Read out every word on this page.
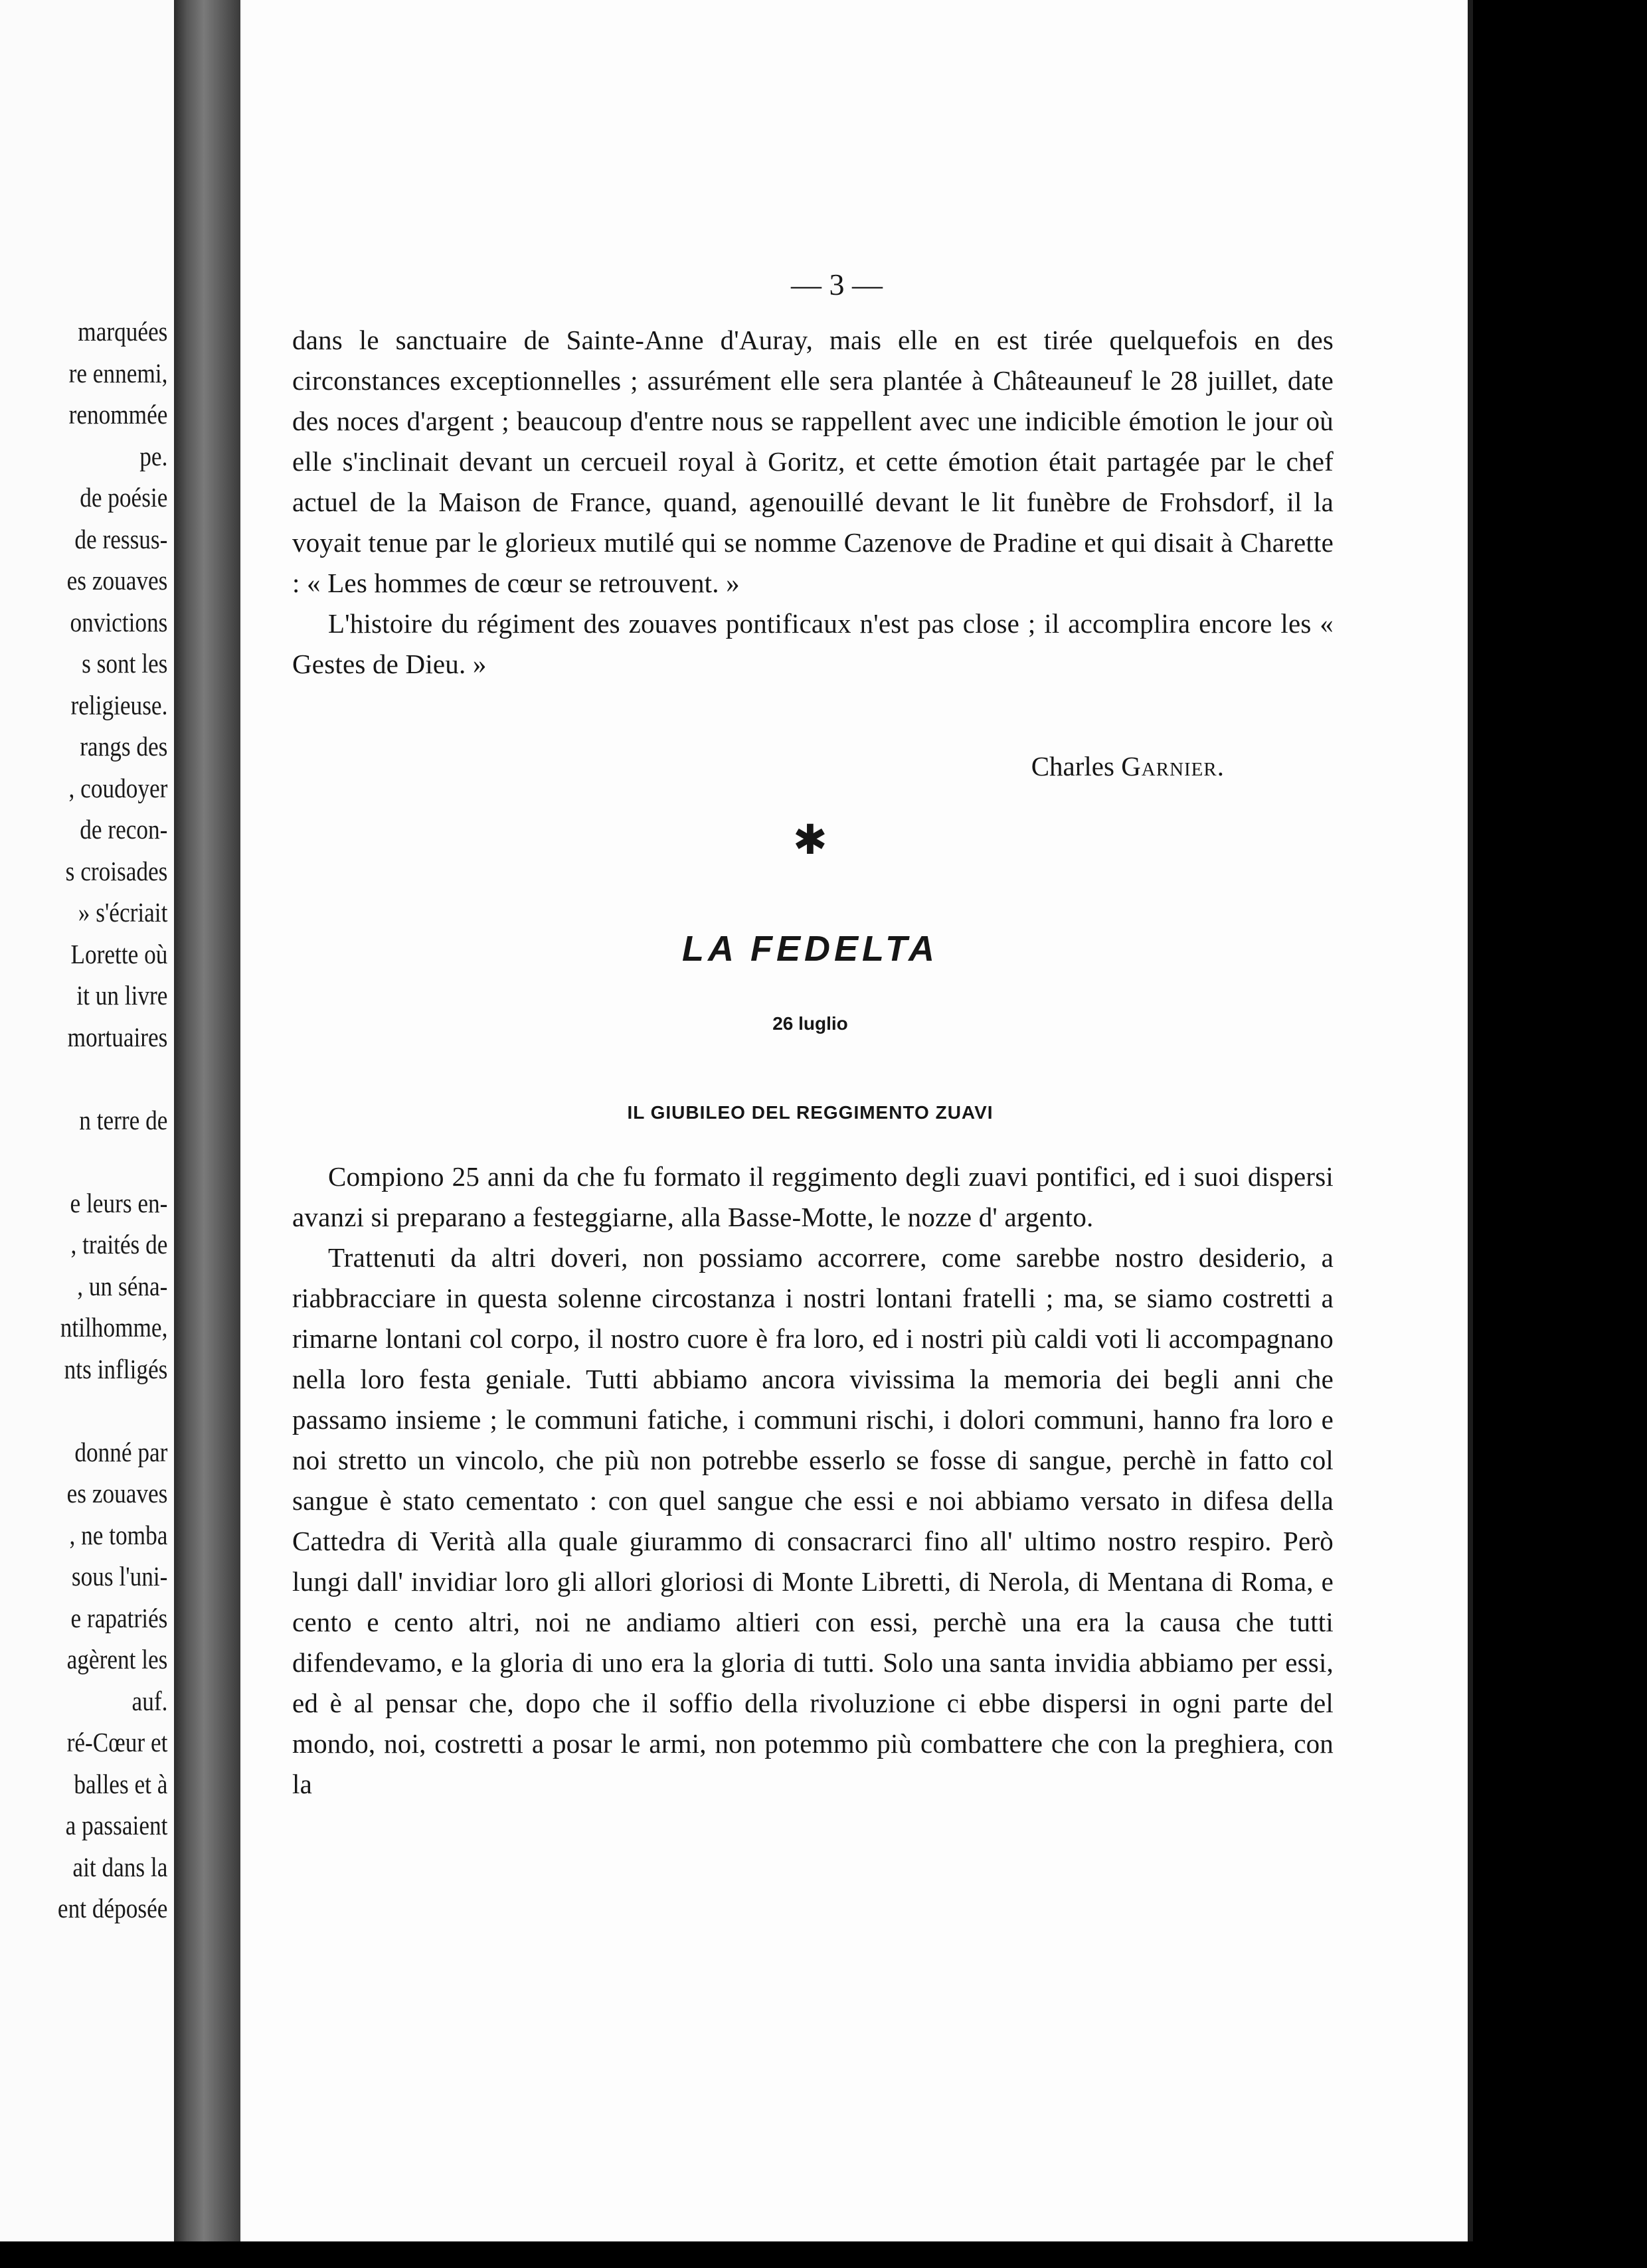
marquées
re ennemi,
renommée
pe.
de poésie
de ressus-
es zouaves
onvictions
s sont les
religieuse.
rangs des
, coudoyer
de recon-
s croisades
» s'écriait
Lorette où
it un livre
mortuaires

n terre de

e leurs en-
, traités de
, un séna-
ntilhomme,
nts infligés

donné par
es zouaves
, ne tomba
sous l'uni-
e rapatriés
agèrent les
auf.
ré-Cœur et
balles et à
a passaient
ait dans la
ent déposée
— 3 —

dans le sanctuaire de Sainte-Anne d'Auray, mais elle en est tirée quelquefois en des circonstances exceptionnelles ; assurément elle sera plantée à Châteauneuf le 28 juillet, date des noces d'argent ; beaucoup d'entre nous se rappellent avec une indicible émotion le jour où elle s'inclinait devant un cercueil royal à Goritz, et cette émotion était partagée par le chef actuel de la Maison de France, quand, agenouillé devant le lit funèbre de Frohsdorf, il la voyait tenue par le glorieux mutilé qui se nomme Cazenove de Pradine et qui disait à Charette : « Les hommes de cœur se retrouvent. »

L'histoire du régiment des zouaves pontificaux n'est pas close ; il accomplira encore les « Gestes de Dieu. »

Charles Garnier.
✱
LA FEDELTA
26 luglio
IL GIUBILEO DEL REGGIMENTO ZUAVI

Compiono 25 anni da che fu formato il reggimento degli zuavi pontifici, ed i suoi dispersi avanzi si preparano a festeggiarne, alla Basse-Motte, le nozze d' argento.

Trattenuti da altri doveri, non possiamo accorrere, come sarebbe nostro desiderio, a riabbracciare in questa solenne circostanza i nostri lontani fratelli ; ma, se siamo costretti a rimarne lontani col corpo, il nostro cuore è fra loro, ed i nostri più caldi voti li accompagnano nella loro festa geniale. Tutti abbiamo ancora vivissima la memoria dei begli anni che passamo insieme ; le communi fatiche, i communi rischi, i dolori communi, hanno fra loro e noi stretto un vincolo, che più non potrebbe esserlo se fosse di sangue, perchè in fatto col sangue è stato cementato : con quel sangue che essi e noi abbiamo versato in difesa della Cattedra di Verità alla quale giurammo di consacrarci fino all' ultimo nostro respiro. Però lungi dall' invidiar loro gli allori gloriosi di Monte Libretti, di Nerola, di Mentana di Roma, e cento e cento altri, noi ne andiamo altieri con essi, perchè una era la causa che tutti difendevamo, e la gloria di uno era la gloria di tutti. Solo una santa invidia abbiamo per essi, ed è al pensar che, dopo che il soffio della rivoluzione ci ebbe dispersi in ogni parte del mondo, noi, costretti a posar le armi, non potemmo più combattere che con la preghiera, con la
